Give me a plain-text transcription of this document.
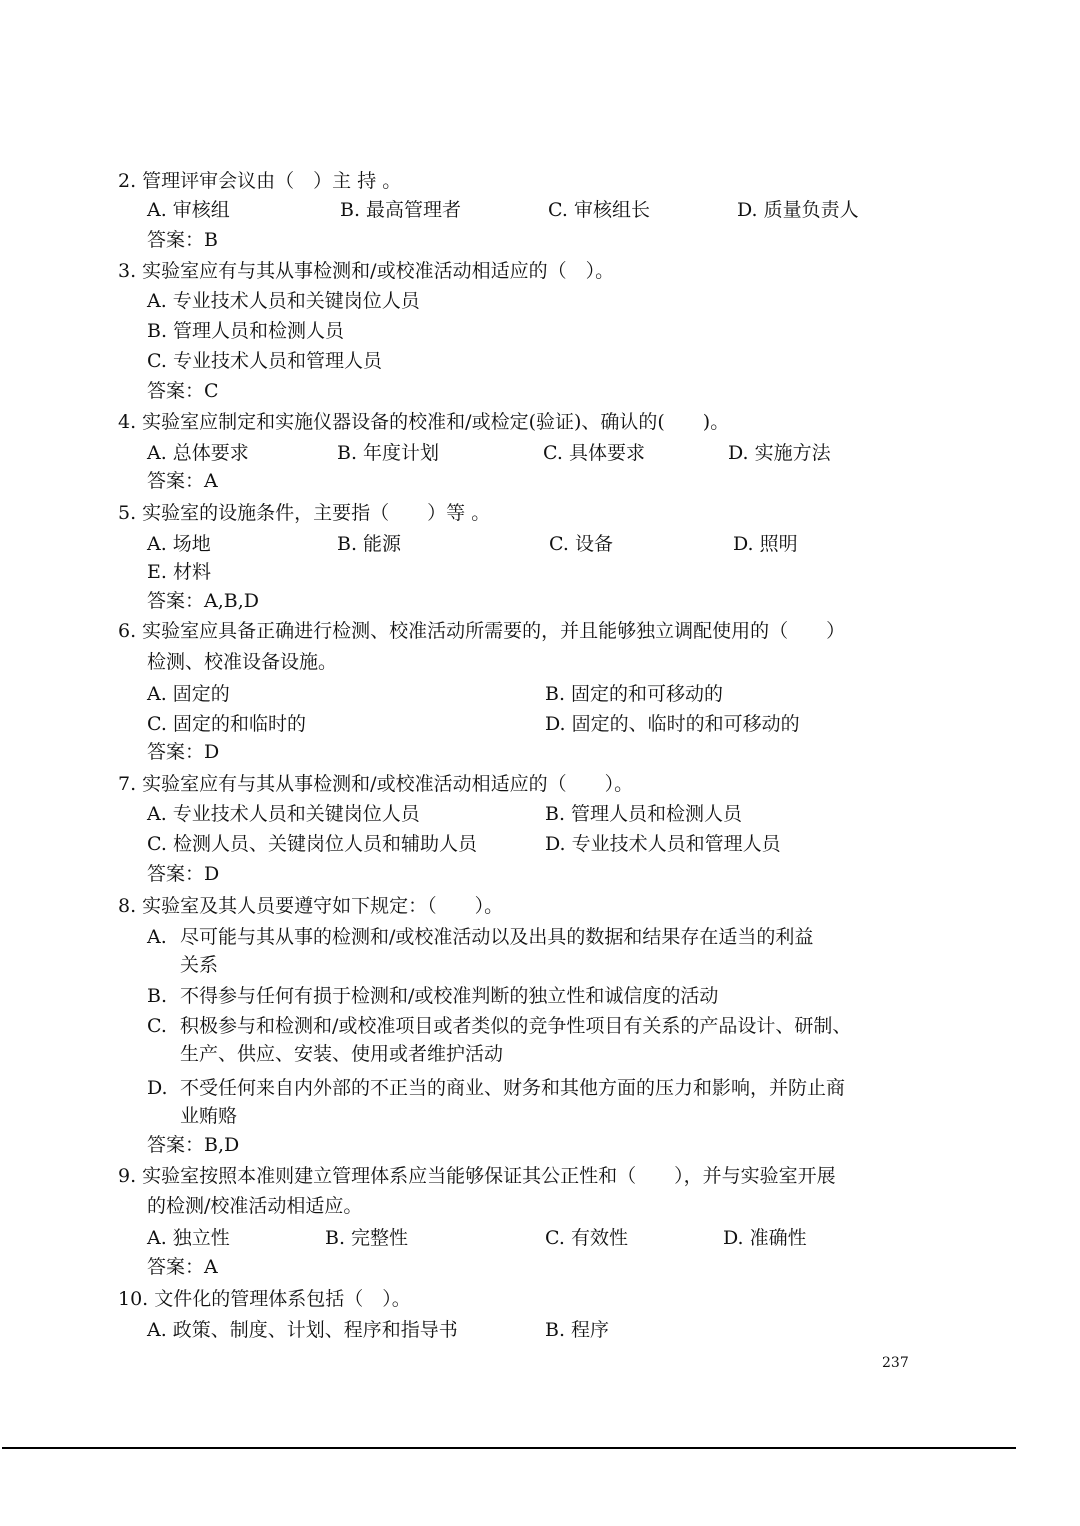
2. 管理评审会议由（　）主 持 。
A. 审核组	B. 最高管理者	C. 审核组长	D. 质量负责人
答案：B
3. 实验室应有与其从事检测和/或校准活动相适应的（　）。
A. 专业技术人员和关键岗位人员
B. 管理人员和检测人员
C. 专业技术人员和管理人员
答案：C
4. 实验室应制定和实施仪器设备的校准和/或检定(验证)、确认的(　　)。
A. 总体要求	B. 年度计划	C. 具体要求	D. 实施方法
答案：A
5. 实验室的设施条件，主要指（　　）等 。
A. 场地	B. 能源	C. 设备	D. 照明
E. 材料
答案：A,B,D
6. 实验室应具备正确进行检测、校准活动所需要的，并且能够独立调配使用的（　　）
检测、校准设备设施。
A. 固定的	B. 固定的和可移动的
C. 固定的和临时的	D. 固定的、临时的和可移动的
答案：D
7. 实验室应有与其从事检测和/或校准活动相适应的（　　）。
A. 专业技术人员和关键岗位人员	B. 管理人员和检测人员
C. 检测人员、关键岗位人员和辅助人员	D. 专业技术人员和管理人员
答案：D
8. 实验室及其人员要遵守如下规定：（　　）。
A. 尽可能与其从事的检测和/或校准活动以及出具的数据和结果存在适当的利益
关系
B. 不得参与任何有损于检测和/或校准判断的独立性和诚信度的活动
C. 积极参与和检测和/或校准项目或者类似的竞争性项目有关系的产品设计、研制、
生产、供应、安装、使用或者维护活动
D. 不受任何来自内外部的不正当的商业、财务和其他方面的压力和影响，并防止商
业贿赂
答案：B,D
9. 实验室按照本准则建立管理体系应当能够保证其公正性和（　　），并与实验室开展
的检测/校准活动相适应。
A. 独立性	B. 完整性	C. 有效性	D. 准确性
答案：A
10. 文件化的管理体系包括（　）。
A. 政策、制度、计划、程序和指导书	B. 程序
237
